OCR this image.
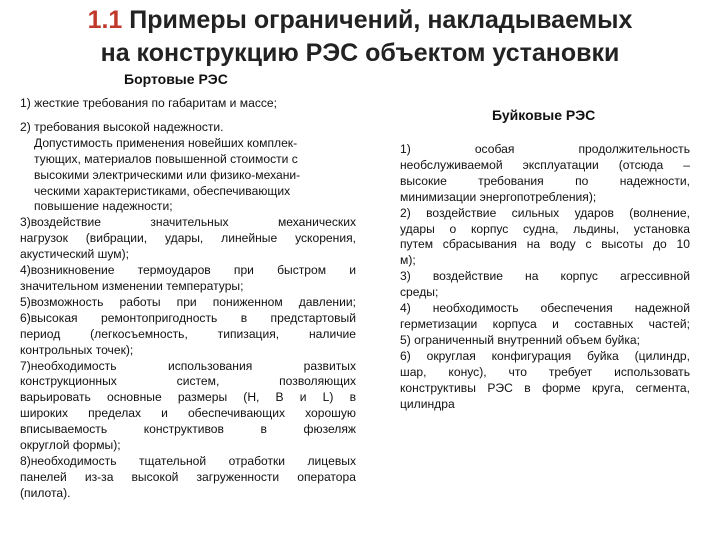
1.1 Примеры ограничений, накладываемых
на конструкцию РЭС объектом установки
Бортовые РЭС

1) жесткие требования по габаритам и массе;

2) требования высокой надежности.

Допустимость применения новейших комплек-

тующих, материалов повышенной стоимости с

высокими электрическими или физико-механи-

ческими характеристиками, обеспечивающих

повышение надежности;

3)воздействие значительных механических

нагрузок (вибрации, удары, линейные ускорения,

акустический шум);

4)возникновение термоударов при быстром и

значительном изменении температуры;

5)возможность работы при пониженном давлении;

6)высокая ремонтопригодность в предстартовый

период (легкосъемность, типизация, наличие

контрольных точек);

7)необходимость использования развитых

конструкционных систем, позволяющих

варьировать основные размеры (Н, В и L) в

широких пределах и обеспечивающих хорошую

вписываемость конструктивов в фюзеляж

округлой формы);

8)необходимость тщательной отработки лицевых

панелей из-за высокой загруженности оператора

(пилота).

Буйковые РЭС

1) особая продолжительность

необслуживаемой эксплуатации (отсюда –

высокие требования по надежности,

минимизации энергопотребления);

2) воздействие сильных ударов (волнение,

удары о корпус судна, льдины, установка

путем сбрасывания на воду с высоты до 10

м);

3) воздействие на корпус агрессивной

среды;

4) необходимость обеспечения надежной

герметизации корпуса и составных частей;

5) ограниченный внутренний объем буйка;

6) округлая конфигурация буйка (цилиндр,

шар, конус), что требует использовать

конструктивы РЭС в форме круга, сегмента,

цилиндра
